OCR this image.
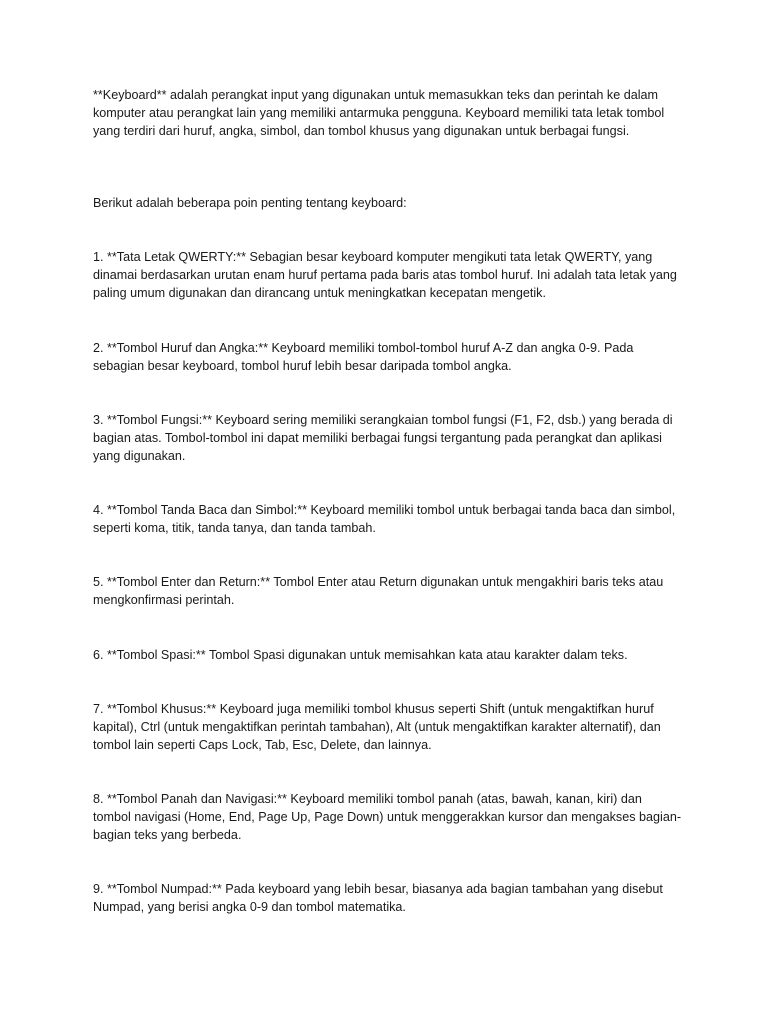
**Keyboard** adalah perangkat input yang digunakan untuk memasukkan teks dan perintah ke dalam komputer atau perangkat lain yang memiliki antarmuka pengguna. Keyboard memiliki tata letak tombol yang terdiri dari huruf, angka, simbol, dan tombol khusus yang digunakan untuk berbagai fungsi.

Berikut adalah beberapa poin penting tentang keyboard:

1. **Tata Letak QWERTY:** Sebagian besar keyboard komputer mengikuti tata letak QWERTY, yang dinamai berdasarkan urutan enam huruf pertama pada baris atas tombol huruf. Ini adalah tata letak yang paling umum digunakan dan dirancang untuk meningkatkan kecepatan mengetik.

2. **Tombol Huruf dan Angka:** Keyboard memiliki tombol-tombol huruf A-Z dan angka 0-9. Pada sebagian besar keyboard, tombol huruf lebih besar daripada tombol angka.

3. **Tombol Fungsi:** Keyboard sering memiliki serangkaian tombol fungsi (F1, F2, dsb.) yang berada di bagian atas. Tombol-tombol ini dapat memiliki berbagai fungsi tergantung pada perangkat dan aplikasi yang digunakan.

4. **Tombol Tanda Baca dan Simbol:** Keyboard memiliki tombol untuk berbagai tanda baca dan simbol, seperti koma, titik, tanda tanya, dan tanda tambah.

5. **Tombol Enter dan Return:** Tombol Enter atau Return digunakan untuk mengakhiri baris teks atau mengkonfirmasi perintah.

6. **Tombol Spasi:** Tombol Spasi digunakan untuk memisahkan kata atau karakter dalam teks.

7. **Tombol Khusus:** Keyboard juga memiliki tombol khusus seperti Shift (untuk mengaktifkan huruf kapital), Ctrl (untuk mengaktifkan perintah tambahan), Alt (untuk mengaktifkan karakter alternatif), dan tombol lain seperti Caps Lock, Tab, Esc, Delete, dan lainnya.

8. **Tombol Panah dan Navigasi:** Keyboard memiliki tombol panah (atas, bawah, kanan, kiri) dan tombol navigasi (Home, End, Page Up, Page Down) untuk menggerakkan kursor dan mengakses bagian-bagian teks yang berbeda.

9. **Tombol Numpad:** Pada keyboard yang lebih besar, biasanya ada bagian tambahan yang disebut Numpad, yang berisi angka 0-9 dan tombol matematika.
